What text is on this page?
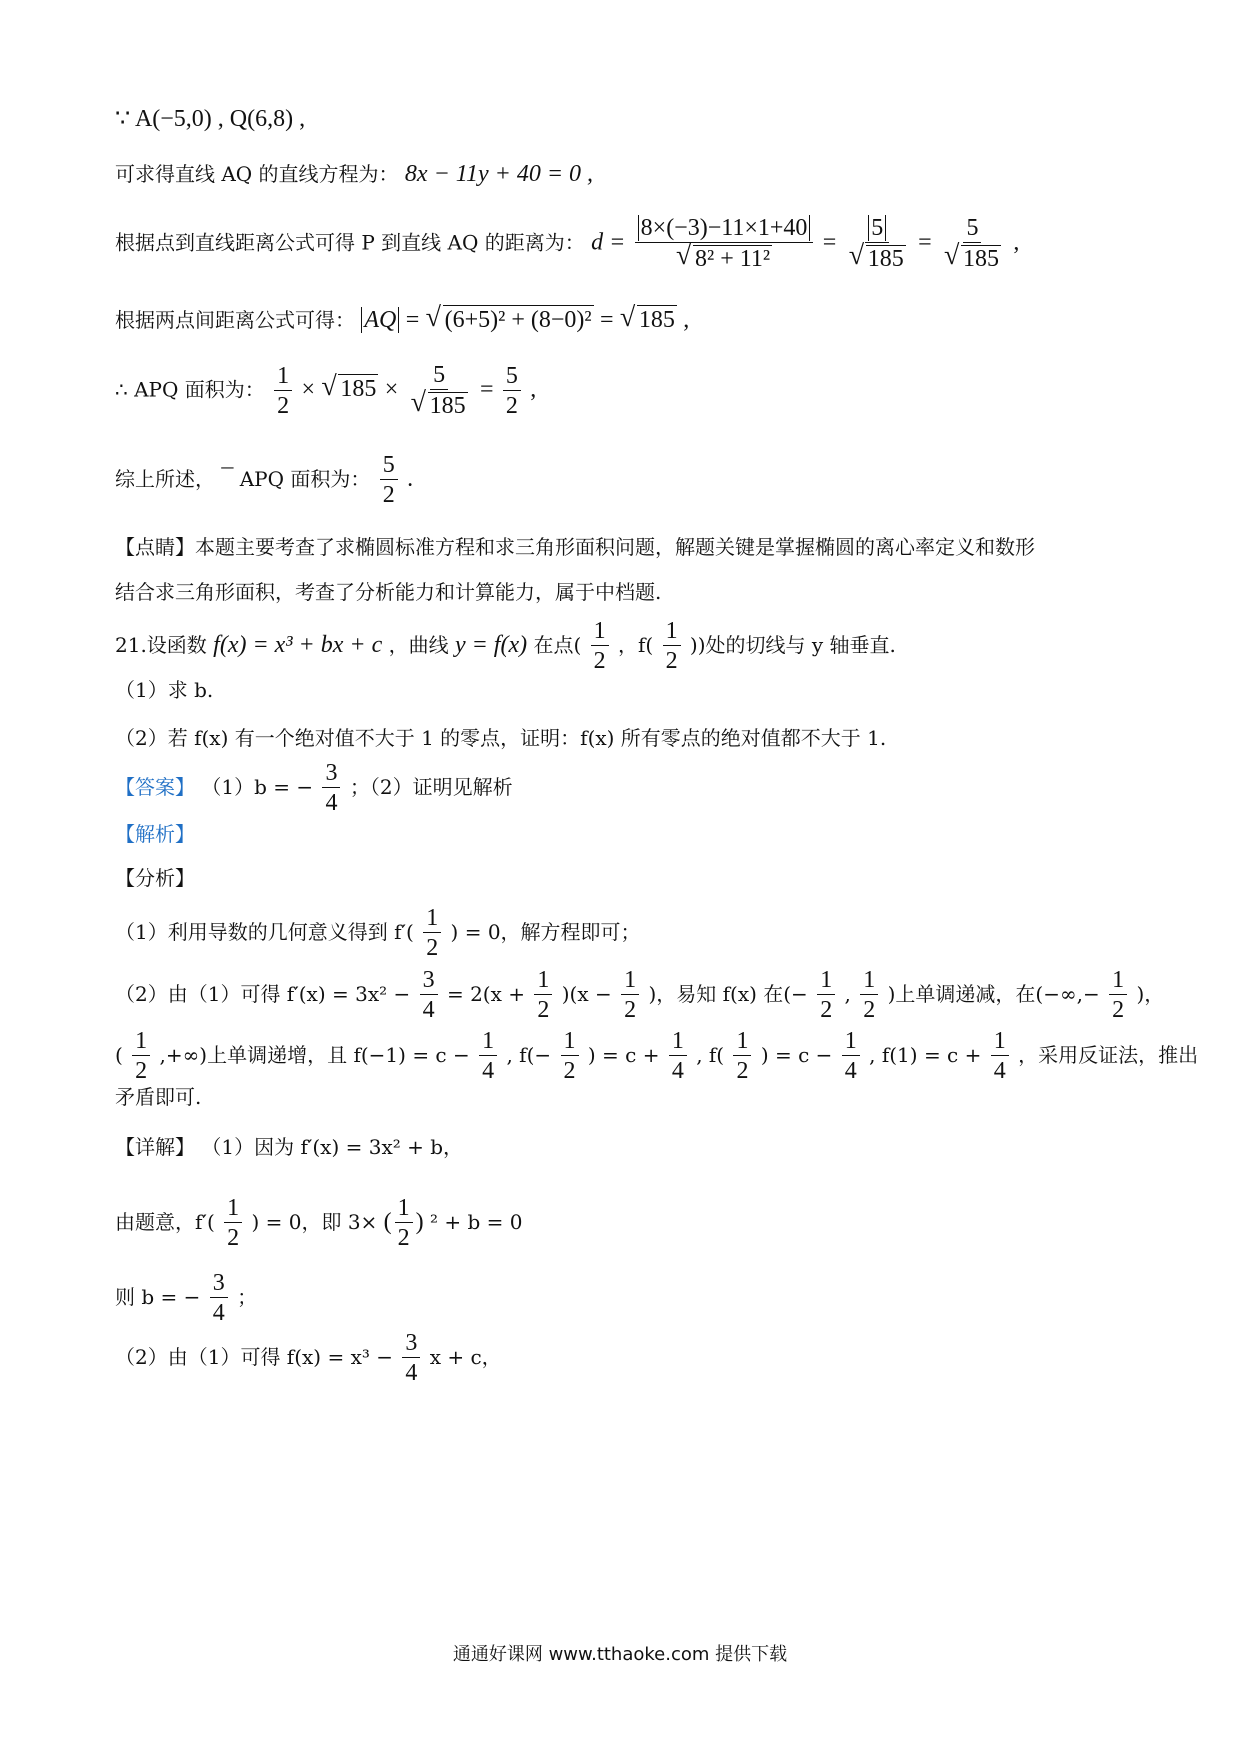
∵ A(−5,0) , Q(6,8) ,
可求得直线 AQ 的直线方程为： 8x − 11y + 40 = 0 ,
根据点到直线距离公式可得 P 到直线 AQ 的距离为： d = 8×(−3)−11×1+40
√ 8² + 11² = 5
√ 185 = 5
√ 185 ,
根据两点间距离公式可得： AQ = √ (6+5)² + (8−0)² = √ 185 ,
∴ APQ 面积为： $\frac{1}{2}$ × √ 185 × 5
√ $185 = \frac{5}{2}$ ,
综上所述， ¯ APQ 面积为： $\frac{5}{2}$ .
【点睛】本题主要考查了求椭圆标准方程和求三角形面积问题，解题关键是掌握椭圆的离心率定义和数形
结合求三角形面积，考查了分析能力和计算能力，属于中档题.
21.设函数 f(x) = x³ + bx + c ，曲线 y = f(x) 在点( $\frac{1}{2}$ ，$f( \frac{1}{2}$ ))处的切线与 y 轴垂直.
（1）求 b.
（2）若 f(x) 有一个绝对值不大于 1 的零点，证明：f(x) 所有零点的绝对值都不大于 1.
【答案】 （1）b = − $\frac{3}{4}$ ；（2）证明见解析
【解析】
【分析】
（1）利用导数的几何意义得到 $f'( \frac{1}{2}$ ) = 0，解方程即可；
（2）由（1）可得 $f'(x) = 3x^2 - \frac{3}{4} = 2(x + \frac{1}{2} )(x - \frac{1}{2}$ )，易知 f(x) 在(− $\frac{1}{2}$ , $\frac{1}{2}$ )上单调递减，在(−∞,− $\frac{1}{2}$ )，
( $\frac{1}{2}$ ,+∞)上单调递增，且 $f(-1) = c - \frac{1}{4}$ , $f(- \frac{1}{2}$ ) = $c + \frac{1}{4}$ , $f( \frac{1}{2}$ ) = $c - \frac{1}{4}$ , $f(1) = c + \frac{1}{4}$ ，采用反证法，推出
矛盾即可.
【详解】 （1）因为 f′(x) = 3x² + b，
由题意，$f'( \frac{1}{2}$ ) = 0，即 3× ( $\frac{1}{2}$ ) ² + b = 0
则 b = − $\frac{3}{4}$ ；
（2）由（1）可得 $f(x) = x^3 - \frac{3}{4}$ x + c，
通通好课网 www.tthaoke.com 提供下载
